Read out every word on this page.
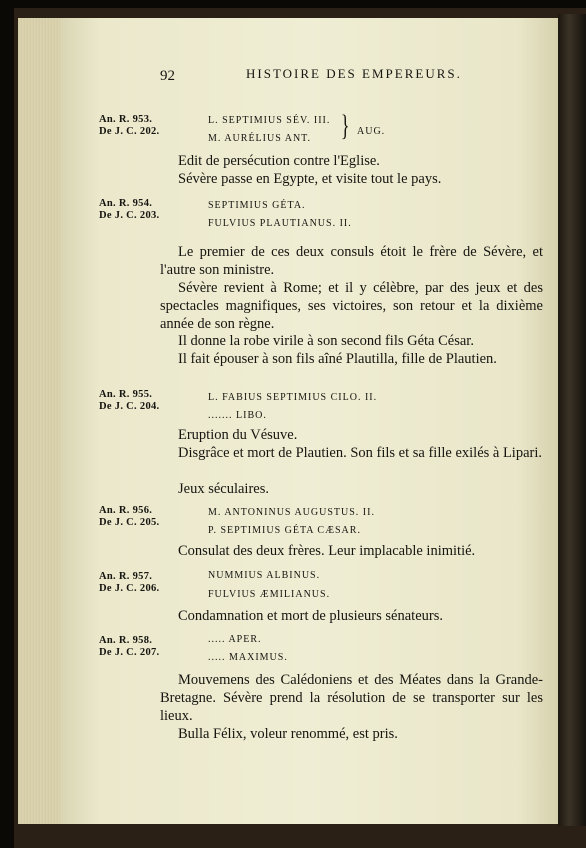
92	HISTOIRE DES EMPEREURS.
An. R. 953.
De J. C. 202.
L. SEPTIMIUS SÉV. III.
M. AURÉLIUS ANT. } AUG.

Edit de persécution contre l'Eglise.

Sévère passe en Egypte, et visite tout le pays.

An. R. 954.
De J. C. 203.
SEPTIMIUS GÉTA.
FULVIUS PLAUTIANUS. II.

Le premier de ces deux consuls étoit le frère de Sévère, et l'autre son ministre.

Sévère revient à Rome; et il y célèbre, par des jeux et des spectacles magnifiques, ses victoires, son retour et la dixième année de son règne.

Il donne la robe virile à son second fils Géta César.

Il fait épouser à son fils aîné Plautilla, fille de Plautien.

An. R. 955.
De J. C. 204.
L. FABIUS SEPTIMIUS CILO. II.
....... LIBO.

Eruption du Vésuve.

Disgrâce et mort de Plautien. Son fils et sa fille exilés à Lipari.

Jeux séculaires.

An. R. 956.
De J. C. 205.
M. ANTONINUS AUGUSTUS. II.
P. SEPTIMIUS GÉTA CÆSAR.

Consulat des deux frères. Leur implacable inimitié.

An. R. 957.
De J. C. 206.
NUMMIUS ALBINUS.
FULVIUS ÆMILIANUS.

Condamnation et mort de plusieurs sénateurs.

An. R. 958.
De J. C. 207.
..... APER.
..... MAXIMUS.

Mouvemens des Calédoniens et des Méates dans la Grande-Bretagne. Sévère prend la résolution de se transporter sur les lieux.

Bulla Félix, voleur renommé, est pris.
